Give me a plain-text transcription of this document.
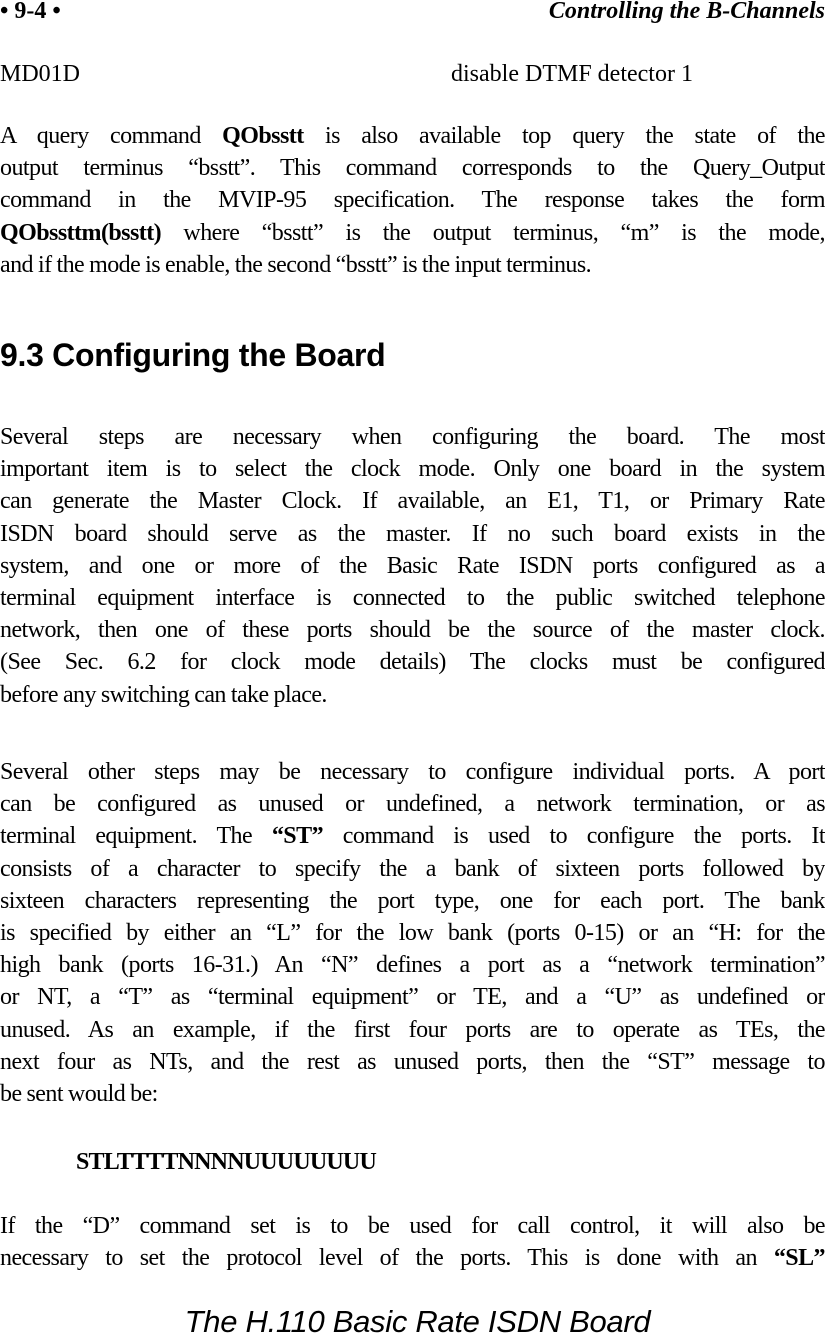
• 9-4 •	Controlling the B-Channels
MD01D	disable DTMF detector 1
A query command QObsstt is also available top query the state of the
output terminus “bsstt”. This command corresponds to the Query_Output
command in the MVIP-95 specification. The response takes the form
QObssttm(bsstt) where “bsstt” is the output terminus, “m” is the mode,
and if the mode is enable, the second “bsstt” is the input terminus.
9.3 Configuring the Board
Several steps are necessary when configuring the board. The most
important item is to select the clock mode. Only one board in the system
can generate the Master Clock. If available, an E1, T1, or Primary Rate
ISDN board should serve as the master. If no such board exists in the
system, and one or more of the Basic Rate ISDN ports configured as a
terminal equipment interface is connected to the public switched telephone
network, then one of these ports should be the source of the master clock.
(See Sec. 6.2 for clock mode details) The clocks must be configured
before any switching can take place.
Several other steps may be necessary to configure individual ports. A port
can be configured as unused or undefined, a network termination, or as
terminal equipment. The “ST” command is used to configure the ports. It
consists of a character to specify the a bank of sixteen ports followed by
sixteen characters representing the port type, one for each port. The bank
is specified by either an “L” for the low bank (ports 0-15) or an “H: for the
high bank (ports 16-31.) An “N” defines a port as a “network termination”
or NT, a “T” as “terminal equipment” or TE, and a “U” as undefined or
unused. As an example, if the first four ports are to operate as TEs, the
next four as NTs, and the rest as unused ports, then the “ST” message to
be sent would be:
STLTTTTNNNNUUUUUUUU
If the “D” command set is to be used for call control, it will also be
necessary to set the protocol level of the ports. This is done with an “SL”
The H.110 Basic Rate ISDN Board
